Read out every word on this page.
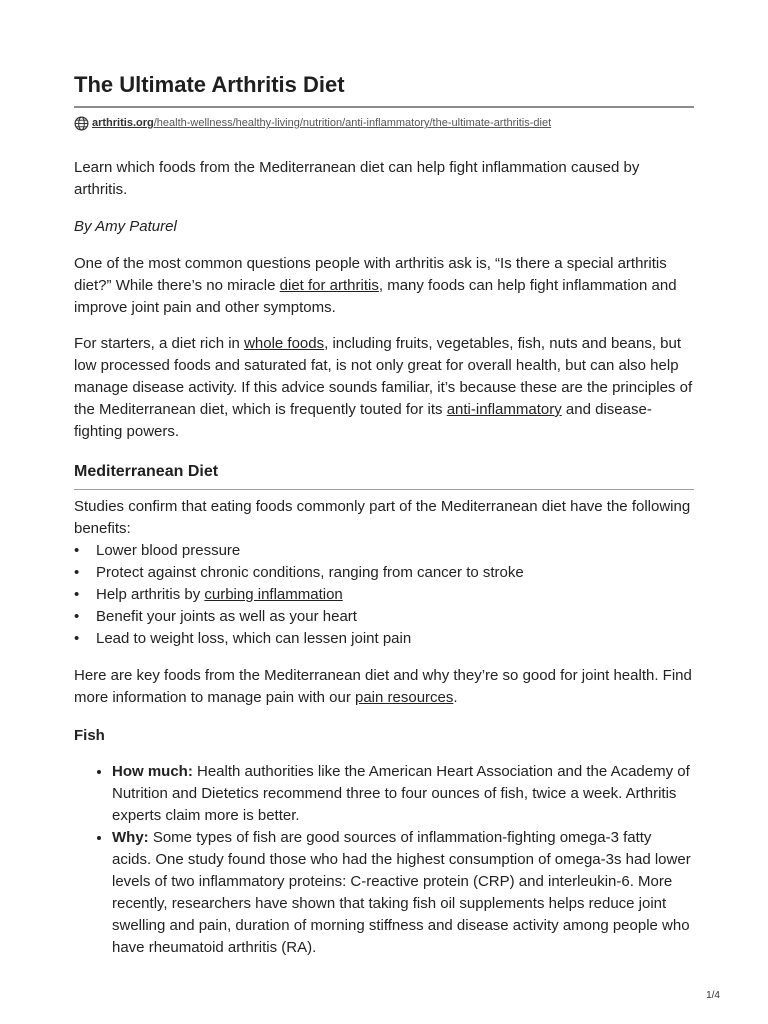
The Ultimate Arthritis Diet
arthritis.org /health-wellness /healthy-living /nutrition /anti-inflammatory /the-ultimate-arthritis-diet

Learn which foods from the Mediterranean diet can help fight inflammation caused by arthritis.

By Amy Paturel

One of the most common questions people with arthritis ask is, “Is there a special arthritis diet?” While there’s no miracle diet for arthritis, many foods can help fight inflammation and improve joint pain and other symptoms.

For starters, a diet rich in whole foods, including fruits, vegetables, fish, nuts and beans, but low processed foods and saturated fat, is not only great for overall health, but can also help manage disease activity. If this advice sounds familiar, it’s because these are the principles of the Mediterranean diet, which is frequently touted for its anti-inflammatory and disease-fighting powers.

Mediterranean Diet

Studies confirm that eating foods commonly part of the Mediterranean diet have the following benefits:

• Lower blood pressure
• Protect against chronic conditions, ranging from cancer to stroke
• Help arthritis by curbing inflammation
• Benefit your joints as well as your heart
• Lead to weight loss, which can lessen joint pain

Here are key foods from the Mediterranean diet and why they’re so good for joint health. Find more information to manage pain with our pain resources.

Fish
• How much: Health authorities like the American Heart Association and the Academy of Nutrition and Dietetics recommend three to four ounces of fish, twice a week. Arthritis experts claim more is better.
• Why: Some types of fish are good sources of inflammation-fighting omega-3 fatty acids. One study found those who had the highest consumption of omega-3s had lower levels of two inflammatory proteins: C-reactive protein (CRP) and interleukin-6. More recently, researchers have shown that taking fish oil supplements helps reduce joint swelling and pain, duration of morning stiffness and disease activity among people who have rheumatoid arthritis (RA).
1/4
